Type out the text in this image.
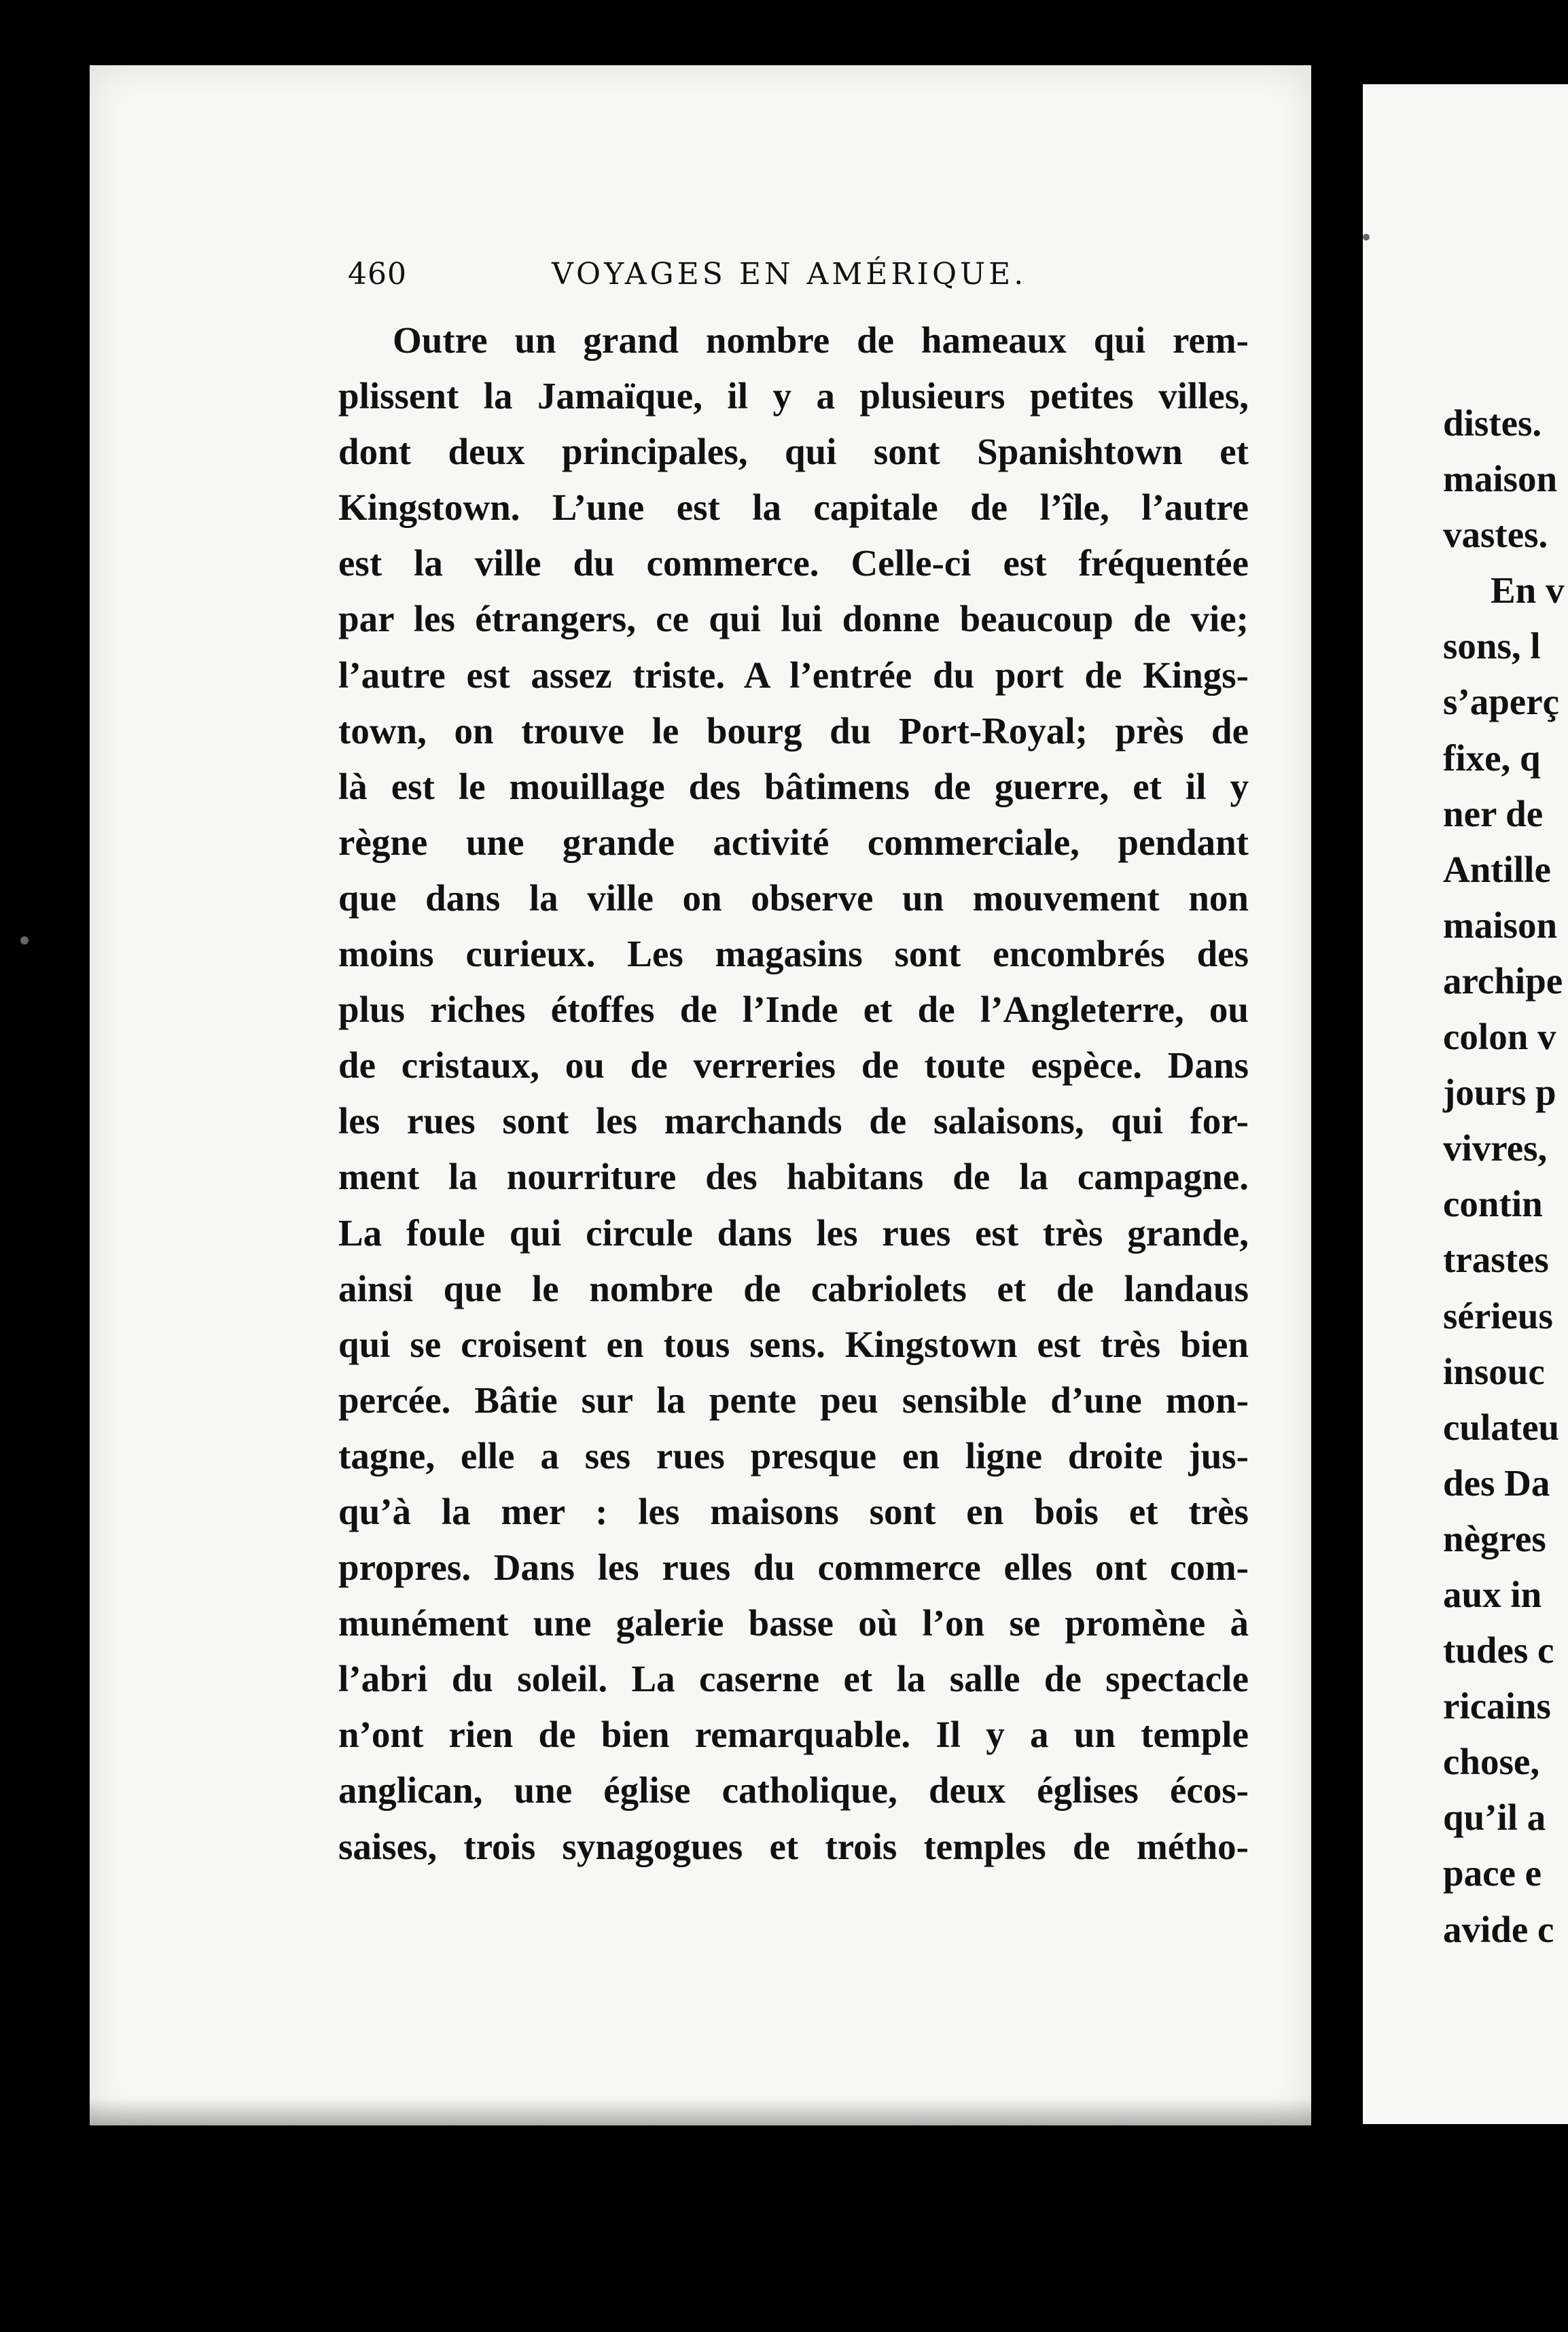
distes.
maison
vastes.
En v
sons, l
s’aperç
fixe, q
ner de
Antille
maison
archipe
colon v
jours p
vivres,
contin
trastes
sérieus
insouc
culateu
des Da
nègres
aux in
tudes c
ricains
chose,
qu’il a
pace e
avide c
460	VOYAGES EN AMÉRIQUE.
Outre un grand nombre de hameaux qui rem-
plissent la Jamaïque, il y a plusieurs petites villes,
dont deux principales, qui sont Spanishtown et
Kingstown. L’une est la capitale de l’île, l’autre
est la ville du commerce. Celle-ci est fréquentée
par les étrangers, ce qui lui donne beaucoup de vie;
l’autre est assez triste. A l’entrée du port de Kings-
town, on trouve le bourg du Port-Royal; près de
là est le mouillage des bâtimens de guerre, et il y
règne une grande activité commerciale, pendant
que dans la ville on observe un mouvement non
moins curieux. Les magasins sont encombrés des
plus riches étoffes de l’Inde et de l’Angleterre, ou
de cristaux, ou de verreries de toute espèce. Dans
les rues sont les marchands de salaisons, qui for-
ment la nourriture des habitans de la campagne.
La foule qui circule dans les rues est très grande,
ainsi que le nombre de cabriolets et de landaus
qui se croisent en tous sens. Kingstown est très bien
percée. Bâtie sur la pente peu sensible d’une mon-
tagne, elle a ses rues presque en ligne droite jus-
qu’à la mer : les maisons sont en bois et très
propres. Dans les rues du commerce elles ont com-
munément une galerie basse où l’on se promène à
l’abri du soleil. La caserne et la salle de spectacle
n’ont rien de bien remarquable. Il y a un temple
anglican, une église catholique, deux églises écos-
saises, trois synagogues et trois temples de métho-
